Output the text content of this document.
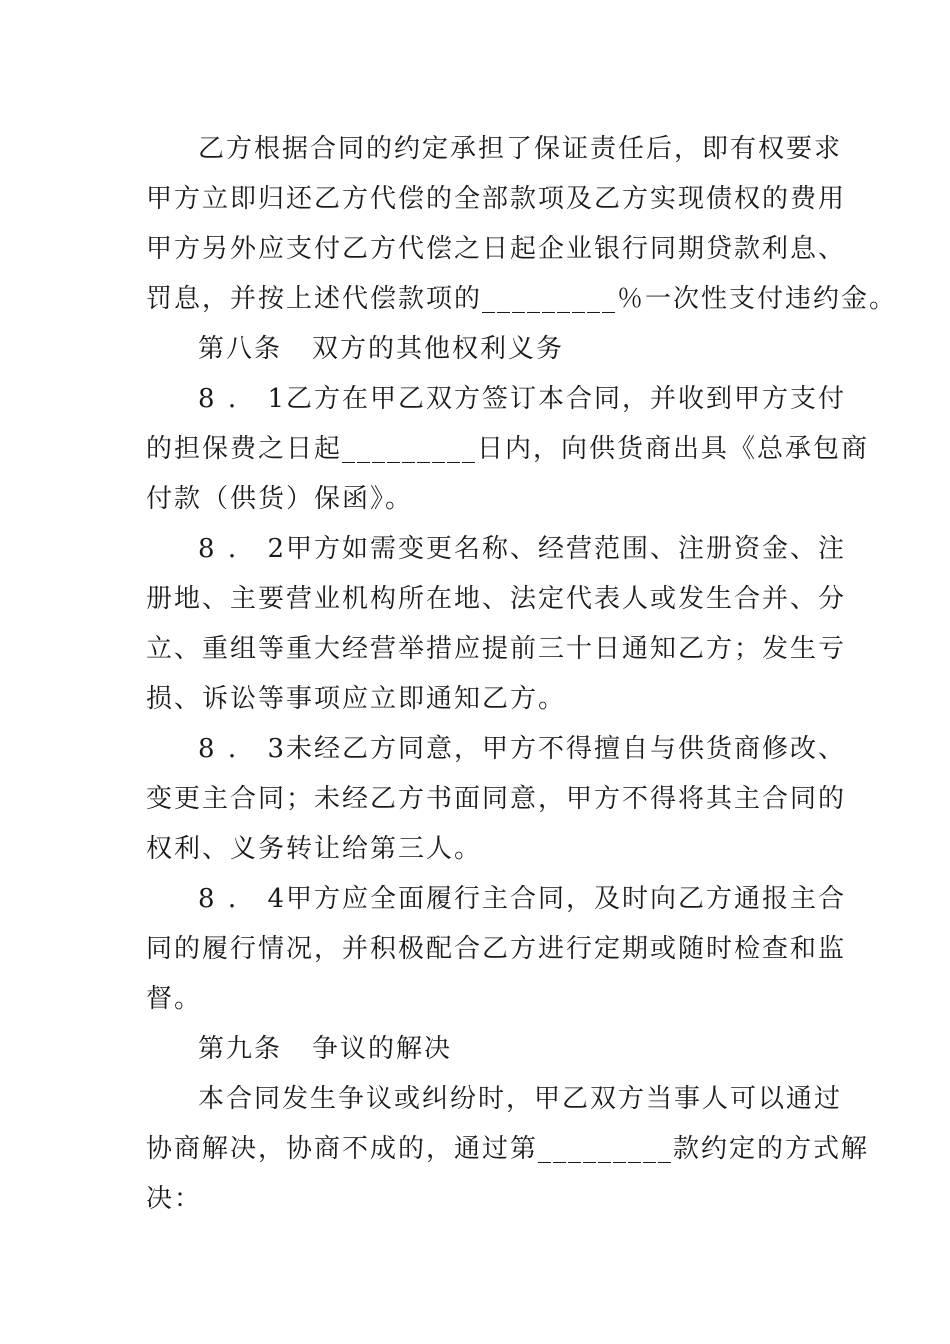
乙方根据合同的约定承担了保证责任后，即有权要求
甲方立即归还乙方代偿的全部款项及乙方实现债权的费用
甲方另外应支付乙方代偿之日起企业银行同期贷款利息、
罚息，并按上述代偿款项的_________％一次性支付违约金。
第八条 双方的其他权利义务
8．1乙方在甲乙双方签订本合同，并收到甲方支付
的担保费之日起_________日内，向供货商出具《总承包商
付款（供货）保函》。
8．2甲方如需变更名称、经营范围、注册资金、注
册地、主要营业机构所在地、法定代表人或发生合并、分
立、重组等重大经营举措应提前三十日通知乙方；发生亏
损、诉讼等事项应立即通知乙方。
8．3未经乙方同意，甲方不得擅自与供货商修改、
变更主合同；未经乙方书面同意，甲方不得将其主合同的
权利、义务转让给第三人。
8．4甲方应全面履行主合同，及时向乙方通报主合
同的履行情况，并积极配合乙方进行定期或随时检查和监
督。
第九条 争议的解决
本合同发生争议或纠纷时，甲乙双方当事人可以通过
协商解决，协商不成的，通过第_________款约定的方式解
决：
